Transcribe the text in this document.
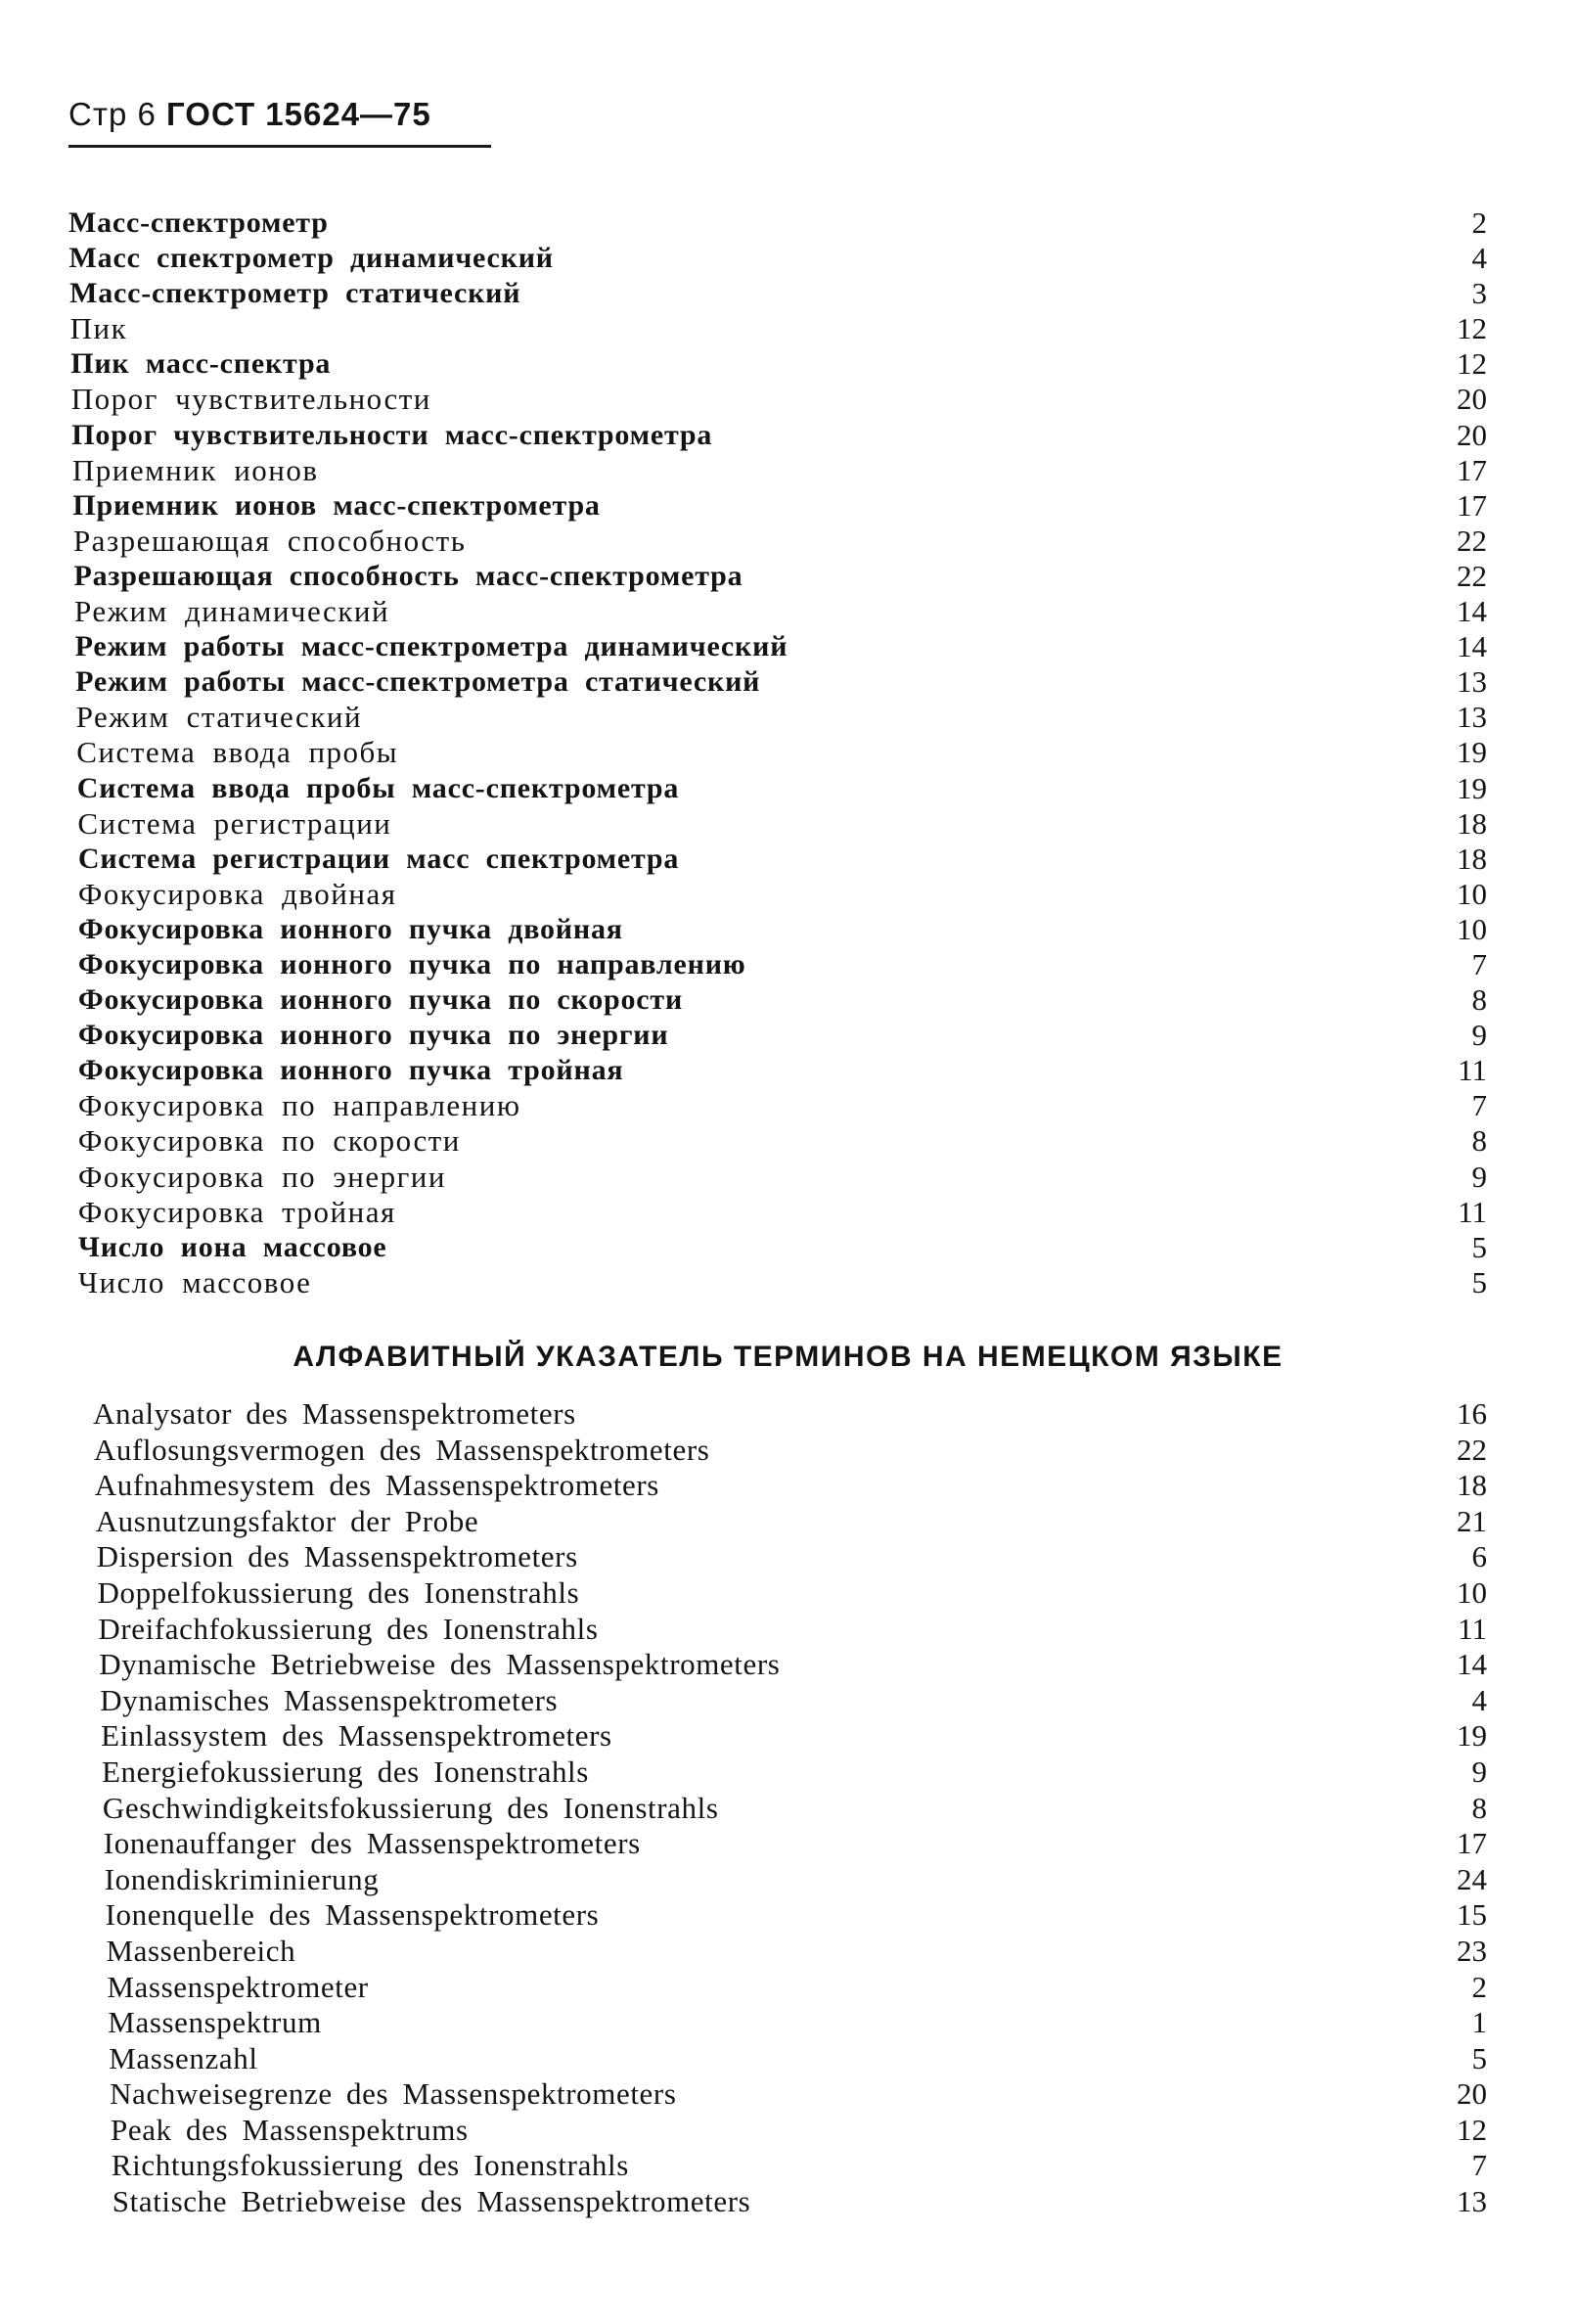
Стр 6 ГОСТ 15624—75
Масс-спектрометр	2
Масс спектрометр динамический	4
Масс-спектрометр статический	3
Пик	12
Пик масс-спектра	12
Порог чувствительности	20
Порог чувствительности масс-спектрометра	20
Приемник ионов	17
Приемник ионов масс-спектрометра	17
Разрешающая способность	22
Разрешающая способность масс-спектрометра	22
Режим динамический	14
Режим работы масс-спектрометра динамический	14
Режим работы масс-спектрометра статический	13
Режим статический	13
Система ввода пробы	19
Система ввода пробы масс-спектрометра	19
Система регистрации	18
Система регистрации масс спектрометра	18
Фокусировка двойная	10
Фокусировка ионного пучка двойная	10
Фокусировка ионного пучка по направлению	7
Фокусировка ионного пучка по скорости	8
Фокусировка ионного пучка по энергии	9
Фокусировка ионного пучка тройная	11
Фокусировка по направлению	7
Фокусировка по скорости	8
Фокусировка по энергии	9
Фокусировка тройная	11
Число иона массовое	5
Число массовое	5
АЛФАВИТНЫЙ УКАЗАТЕЛЬ ТЕРМИНОВ НА НЕМЕЦКОМ ЯЗЫКЕ
Analysator des Massenspektrometers	16
Auflosungsvermogen des Massenspektrometers	22
Aufnahmesystem des Massenspektrometers	18
Ausnutzungsfaktor der Probe	21
Dispersion des Massenspektrometers	6
Doppelfokussierung des Ionenstrahls	10
Dreifachfokussierung des Ionenstrahls	11
Dynamische Betriebweise des Massenspektrometers	14
Dynamisches Massenspektrometers	4
Einlassystem des Massenspektrometers	19
Energiefokussierung des Ionenstrahls	9
Geschwindigkeitsfokussierung des Ionenstrahls	8
Ionenauffanger des Massenspektrometers	17
Ionendiskriminierung	24
Ionenquelle des Massenspektrometers	15
Massenbereich	23
Massenspektrometer	2
Massenspektrum	1
Massenzahl	5
Nachweisegrenze des Massenspektrometers	20
Peak des Massenspektrums	12
Richtungsfokussierung des Ionenstrahls	7
Statische Betriebweise des Massenspektrometers	13
